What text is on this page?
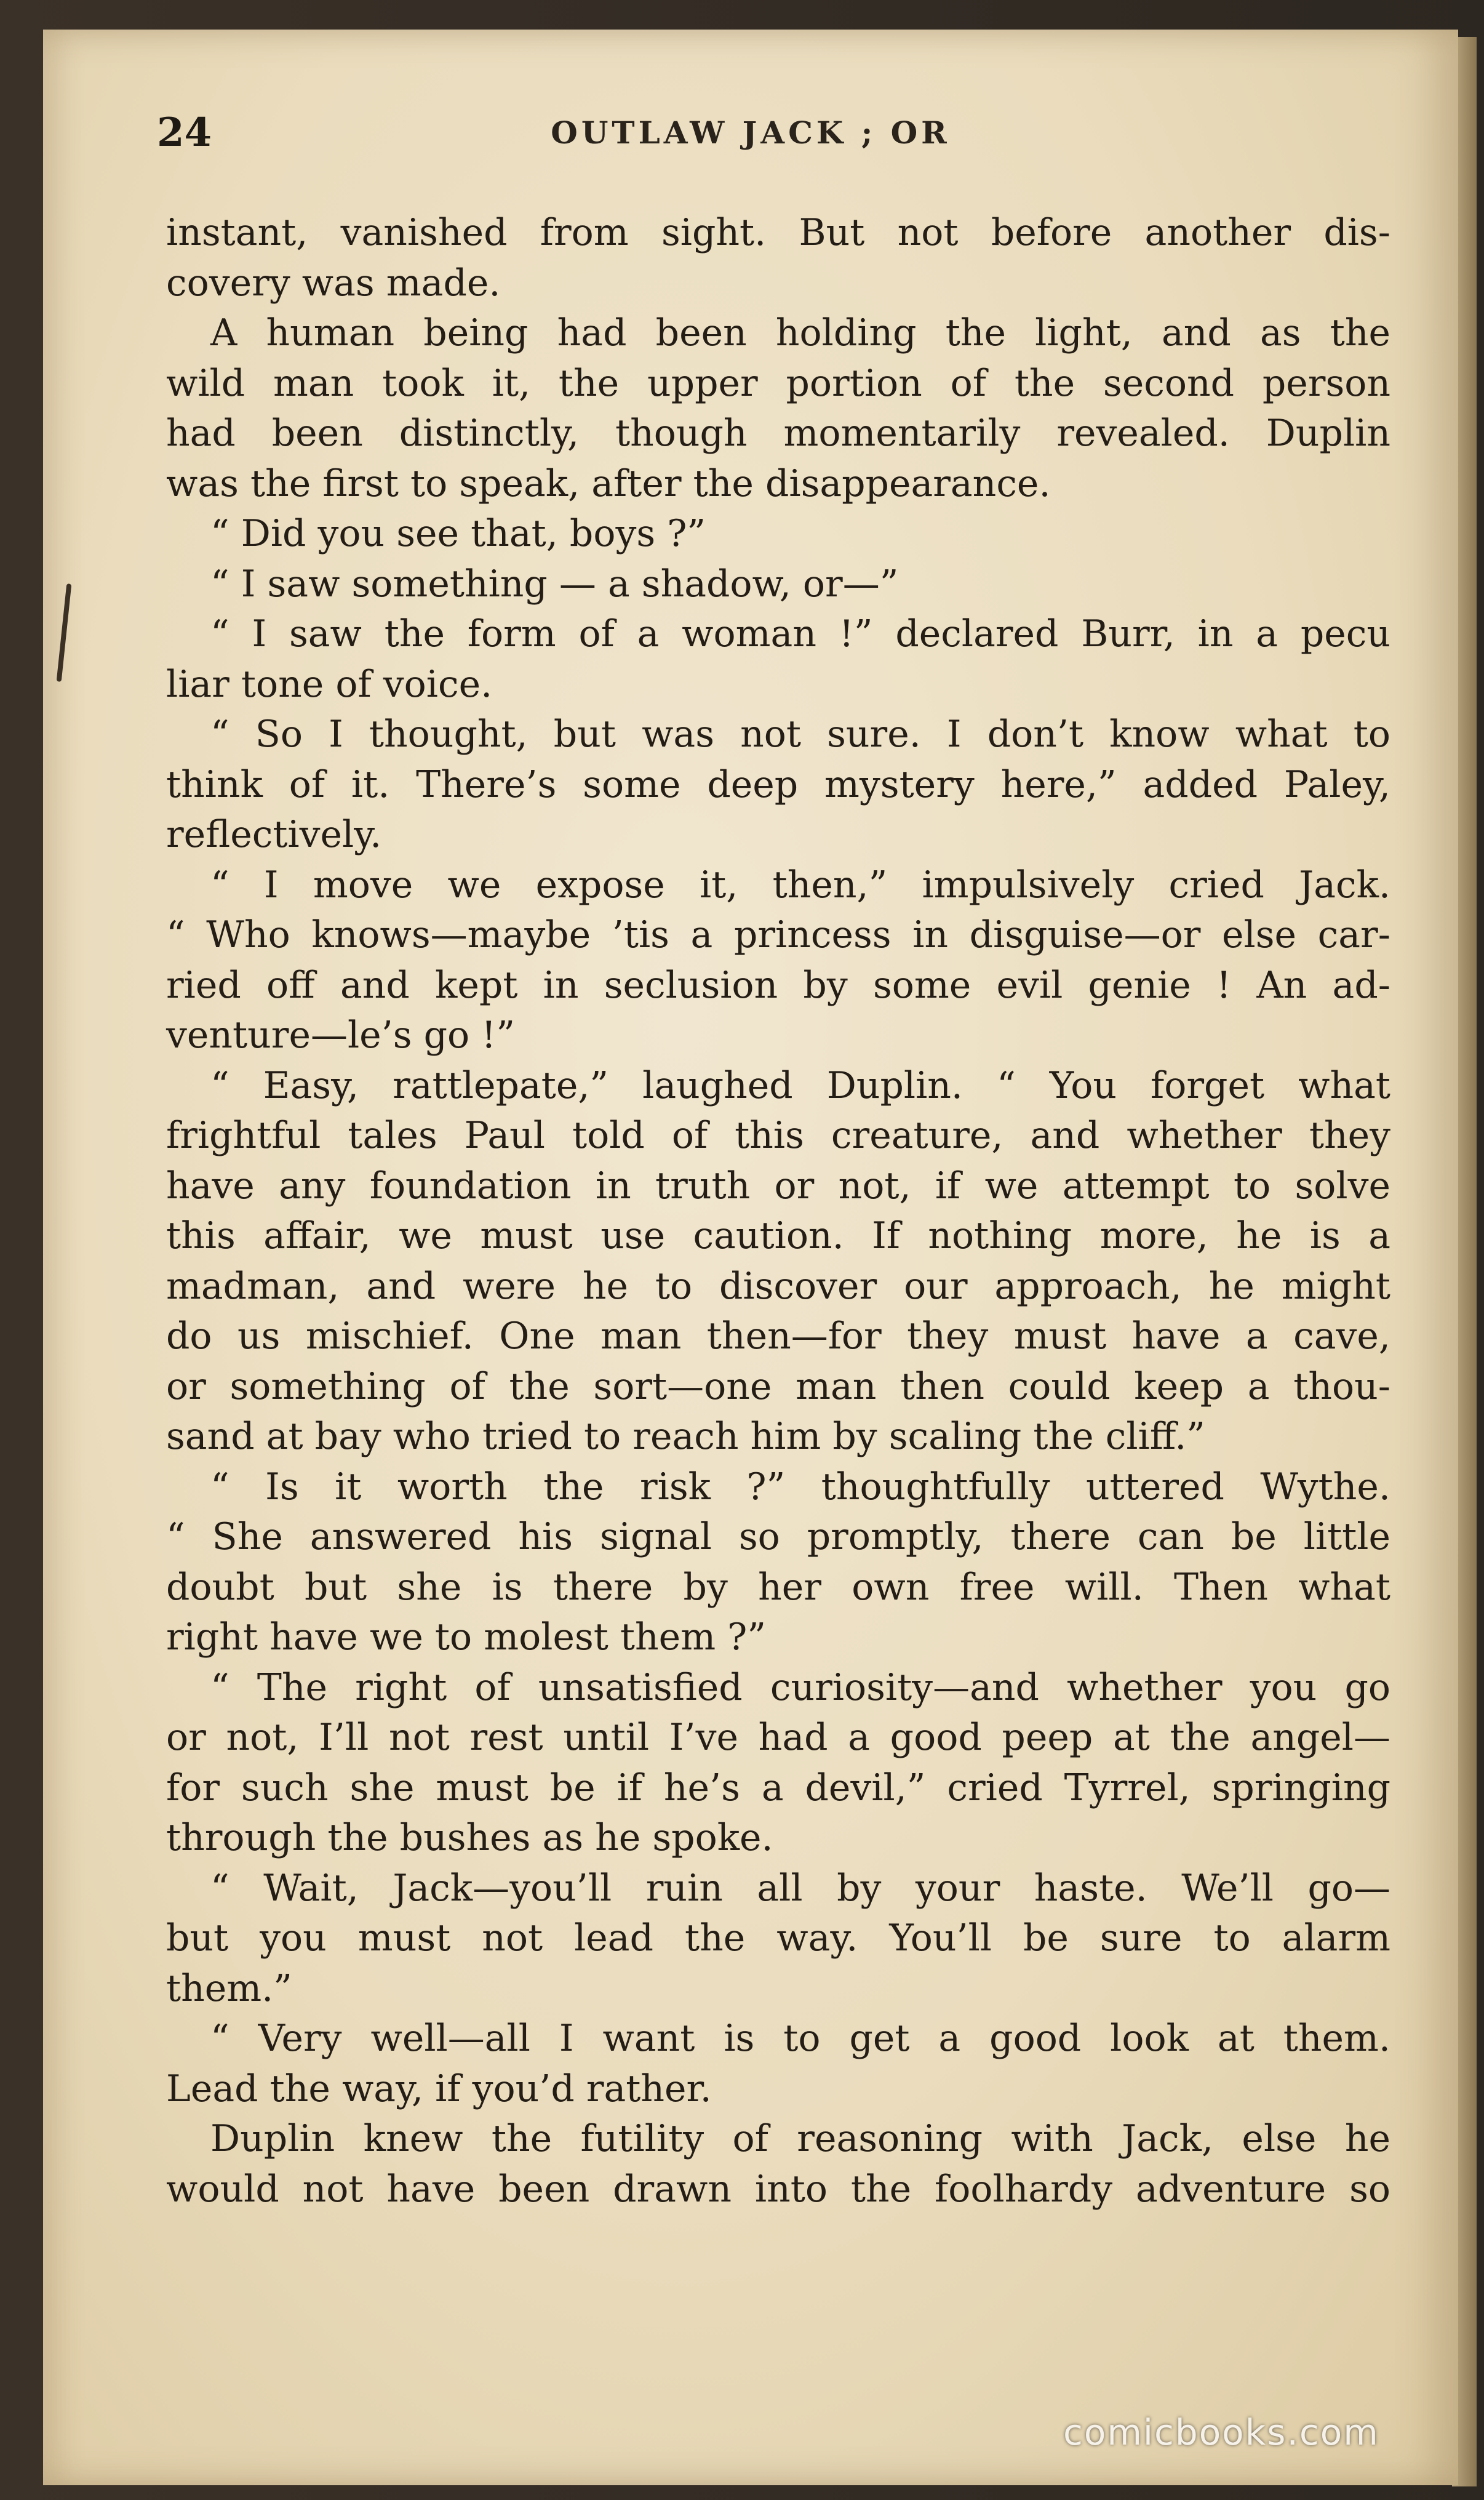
24	OUTLAW JACK ; OR
instant, vanished from sight. But not before another dis-
covery was made.
A human being had been holding the light, and as the
wild man took it, the upper portion of the second person
had been distinctly, though momentarily revealed. Duplin
was the first to speak, after the disappearance.
“ Did you see that, boys ?”
“ I saw something — a shadow, or—”
“ I saw the form of a woman !” declared Burr, in a pecu
liar tone of voice.
“ So I thought, but was not sure. I don’t know what to
think of it. There’s some deep mystery here,” added Paley,
reflectively.
“ I move we expose it, then,” impulsively cried Jack.
“ Who knows—maybe ’tis a princess in disguise—or else car-
ried off and kept in seclusion by some evil genie ! An ad-
venture—le’s go !”
“ Easy, rattlepate,” laughed Duplin. “ You forget what
frightful tales Paul told of this creature, and whether they
have any foundation in truth or not, if we attempt to solve
this affair, we must use caution. If nothing more, he is a
madman, and were he to discover our approach, he might
do us mischief. One man then—for they must have a cave,
or something of the sort—one man then could keep a thou-
sand at bay who tried to reach him by scaling the cliff.”
“ Is it worth the risk ?” thoughtfully uttered Wythe.
“ She answered his signal so promptly, there can be little
doubt but she is there by her own free will. Then what
right have we to molest them ?”
“ The right of unsatisfied curiosity—and whether you go
or not, I’ll not rest until I’ve had a good peep at the angel—
for such she must be if he’s a devil,” cried Tyrrel, springing
through the bushes as he spoke.
“ Wait, Jack—you’ll ruin all by your haste. We’ll go—
but you must not lead the way. You’ll be sure to alarm
them.”
“ Very well—all I want is to get a good look at them.
Lead the way, if you’d rather.
Duplin knew the futility of reasoning with Jack, else he
would not have been drawn into the foolhardy adventure so
comicbooks.com
